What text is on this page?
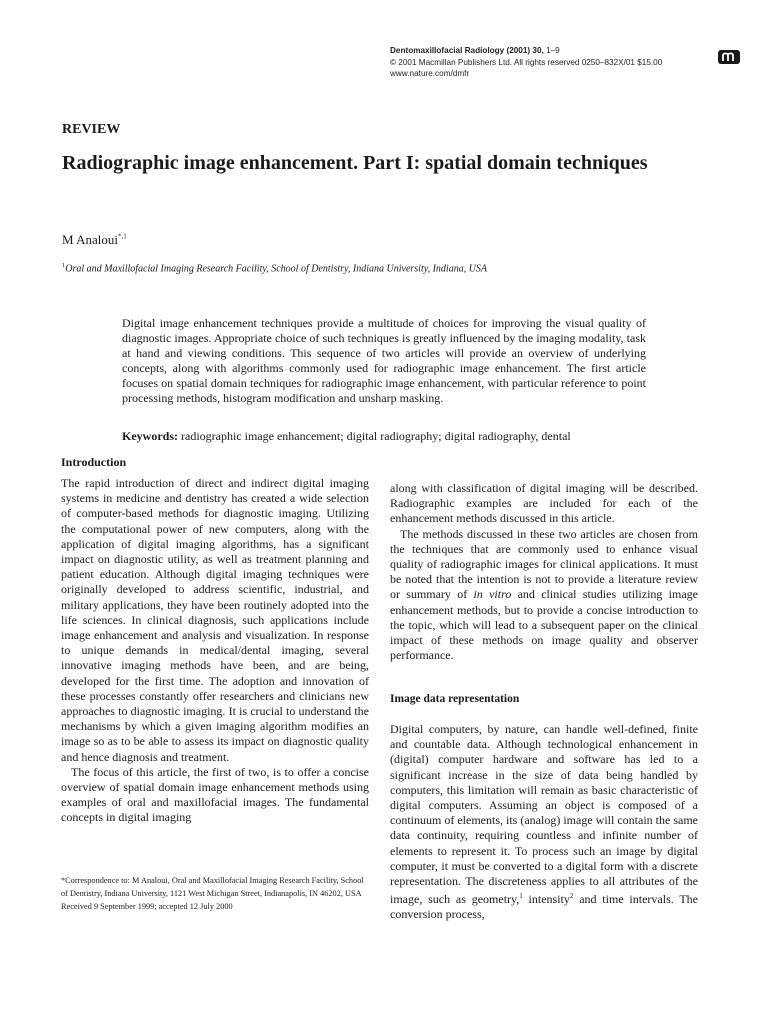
Dentomaxillofacial Radiology (2001) 30, 1–9
© 2001 Macmillan Publishers Ltd. All rights reserved 0250–832X/01 $15.00
www.nature.com/dmfr
REVIEW
Radiographic image enhancement. Part I: spatial domain techniques
M Analoui$^{*,1}$
$^1$Oral and Maxillofacial Imaging Research Facility, School of Dentistry, Indiana University, Indiana, USA

Digital image enhancement techniques provide a multitude of choices for improving the visual quality of diagnostic images. Appropriate choice of such techniques is greatly influenced by the imaging modality, task at hand and viewing conditions. This sequence of two articles will provide an overview of underlying concepts, along with algorithms commonly used for radiographic image enhancement. The first article focuses on spatial domain techniques for radiographic image enhancement, with particular reference to point processing methods, histogram modification and unsharp masking.

Keywords: radiographic image enhancement; digital radiography; digital radiography, dental
Introduction

The rapid introduction of direct and indirect digital imaging systems in medicine and dentistry has created a wide selection of computer-based methods for diagnostic imaging. Utilizing the computational power of new computers, along with the application of digital imaging algorithms, has a significant impact on diagnostic utility, as well as treatment planning and patient education. Although digital imaging techniques were originally developed to address scientific, industrial, and military applications, they have been routinely adopted into the life sciences. In clinical diagnosis, such applications include image enhancement and analysis and visualization. In response to unique demands in medical/dental imaging, several innovative imaging methods have been, and are being, developed for the first time. The adoption and innovation of these processes constantly offer researchers and clinicians new approaches to diagnostic imaging. It is crucial to understand the mechanisms by which a given imaging algorithm modifies an image so as to be able to assess its impact on diagnostic quality and hence diagnosis and treatment.

The focus of this article, the first of two, is to offer a concise overview of spatial domain image enhancement methods using examples of oral and maxillofacial images. The fundamental concepts in digital imaging

along with classification of digital imaging will be described. Radiographic examples are included for each of the enhancement methods discussed in this article.

The methods discussed in these two articles are chosen from the techniques that are commonly used to enhance visual quality of radiographic images for clinical applications. It must be noted that the intention is not to provide a literature review or summary of in vitro and clinical studies utilizing image enhancement methods, but to provide a concise introduction to the topic, which will lead to a subsequent paper on the clinical impact of these methods on image quality and observer performance.

Image data representation

Digital computers, by nature, can handle well-defined, finite and countable data. Although technological enhancement in (digital) computer hardware and software has led to a significant increase in the size of data being handled by computers, this limitation will remain as basic characteristic of digital computers. Assuming an object is composed of a continuum of elements, its (analog) image will contain the same data continuity, requiring countless and infinite number of elements to represent it. To process such an image by digital computer, it must be converted to a digital form with a discrete representation. The discreteness applies to all attributes of the image, such as geometry,$^1$ intensity$^2$ and time intervals. The conversion process,

*Correspondence to: M Analoui, Oral and Maxillofacial Imaging Research Facility, School of Dentistry, Indiana University, 1121 West Michigan Street, Indianapolis, IN 46202, USA

Received 9 September 1999; accepted 12 July 2000
